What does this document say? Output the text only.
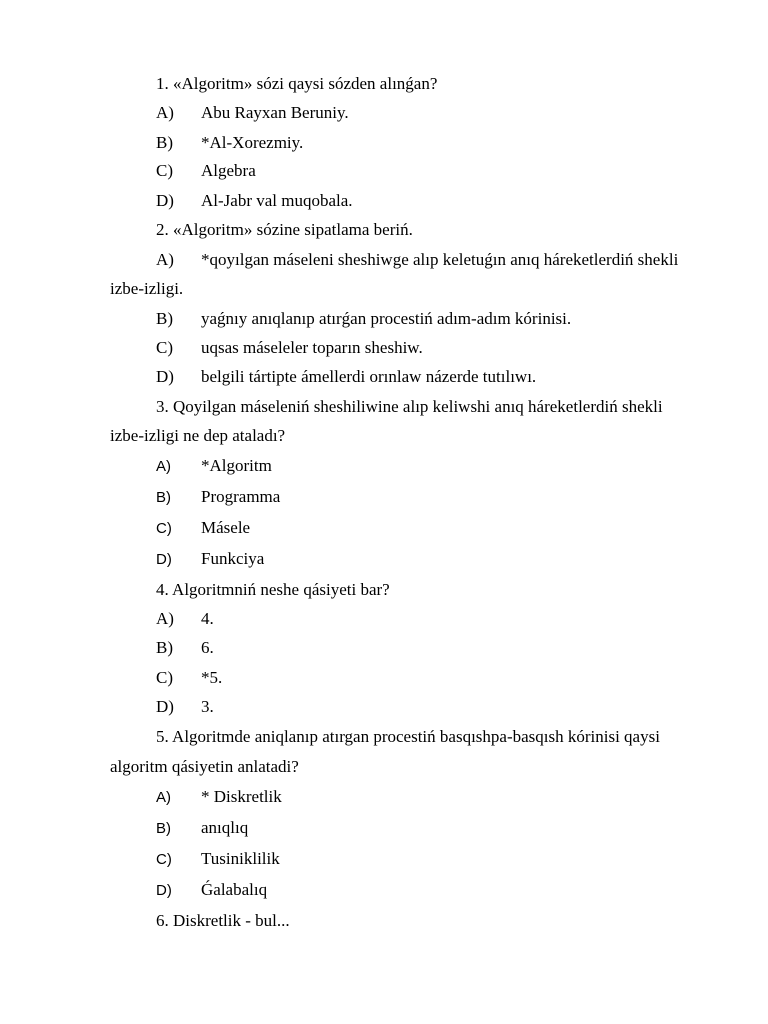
1. «Algoritm» sózi qaysi sózden alınǵan?
A) Abu Rayxan Beruniy.
B) *Al-Xorezmiy.
C) Algebra
D) Al-Jabr val muqobala.
2. «Algoritm» sózine sipatlama beriń.
A) *qoyılgan máseleni sheshiwge alıp keletuǵın anıq háreketlerdiń shekli
izbe-izligi.
B) yaǵnıy anıqlanıp atırǵan procestiń adım-adım kórinisi.
C) uqsas máseleler toparın sheshiw.
D) belgili tártipte ámellerdi orınlaw názerde tutılıwı.
3. Qoyilgan máseleniń sheshiliwine alıp keliwshi anıq háreketlerdiń shekli
izbe-izligi ne dep ataladı?
A) *Algoritm
B) Programma
C) Másele
D) Funkciya
4. Algoritmniń neshe qásiyeti bar?
A) 4.
B) 6.
C) *5.
D) 3.
5. Algoritmde aniqlanıp atırgan procestiń basqıshpa-basqısh kórinisi qaysi
algoritm qásiyetin anlatadi?
A) * Diskretlik
B) anıqlıq
C) Tusiniklilik
D) Ǵalabalıq
6. Diskretlik - bul...
